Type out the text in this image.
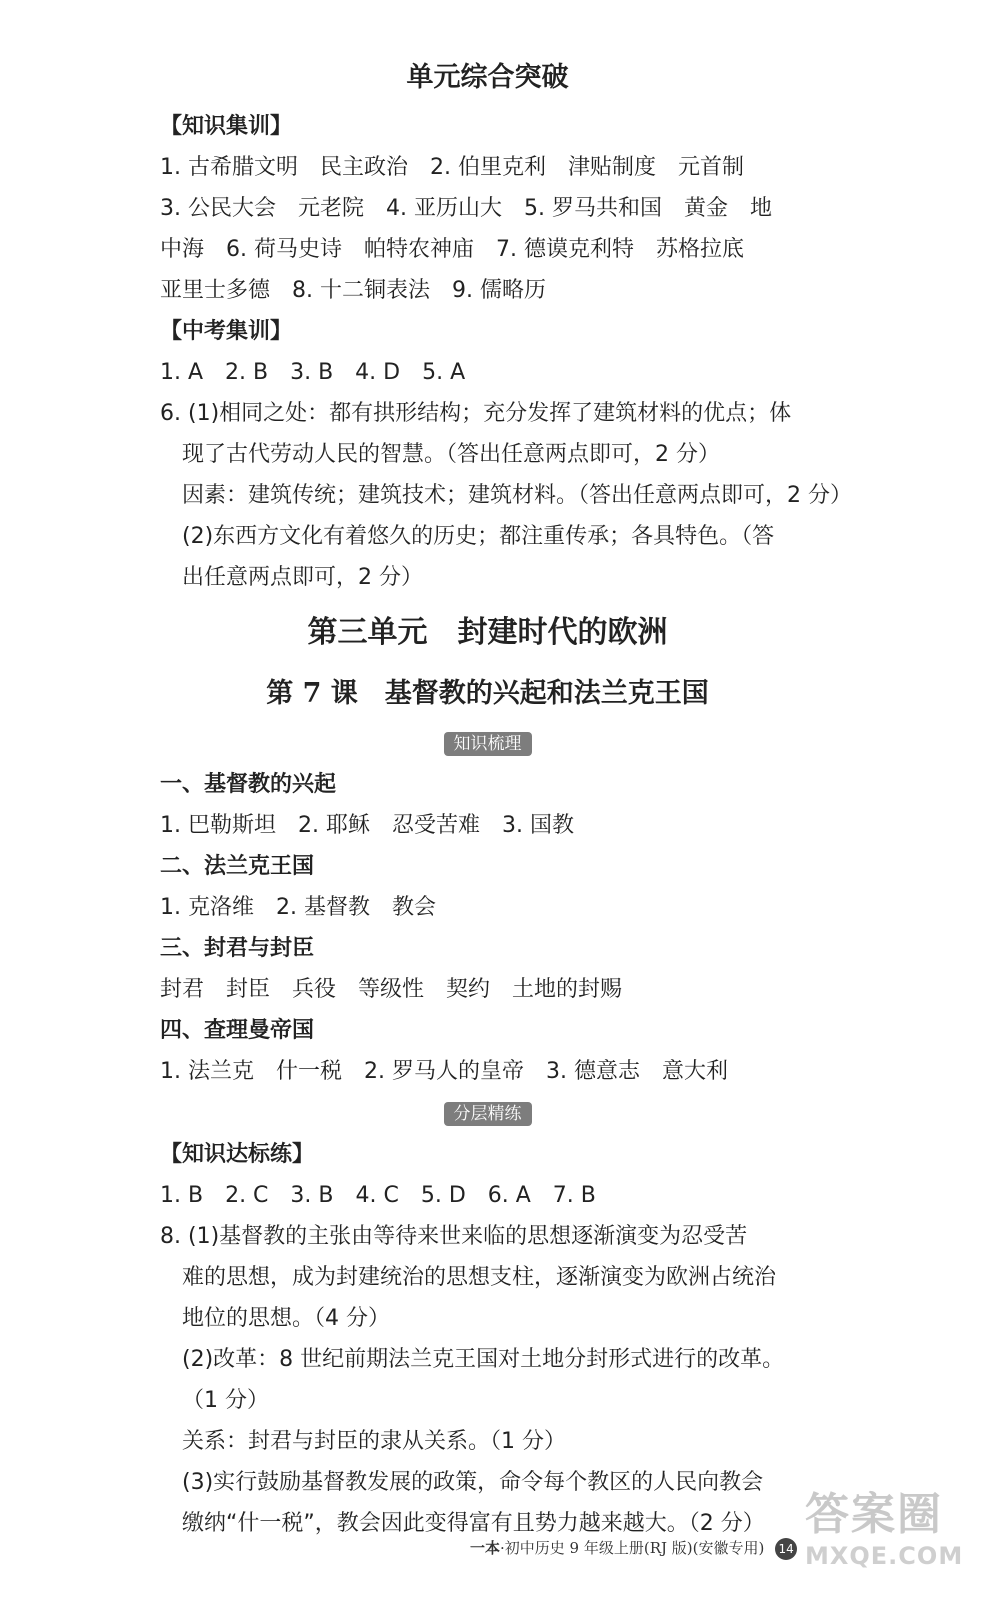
单元综合突破
【知识集训】
1. 古希腊文明　民主政治　2. 伯里克利　津贴制度　元首制
3. 公民大会　元老院　4. 亚历山大　5. 罗马共和国　黄金　地
中海　6. 荷马史诗　帕特农神庙　7. 德谟克利特　苏格拉底
亚里士多德　8. 十二铜表法　9. 儒略历
【中考集训】
1. A　2. B　3. B　4. D　5. A
6. (1)相同之处：都有拱形结构；充分发挥了建筑材料的优点；体
现了古代劳动人民的智慧。（答出任意两点即可，2 分）
因素：建筑传统；建筑技术；建筑材料。（答出任意两点即可，2 分）
(2)东西方文化有着悠久的历史；都注重传承；各具特色。（答
出任意两点即可，2 分）
第三单元　封建时代的欧洲
第 7 课　基督教的兴起和法兰克王国
知识梳理
一、基督教的兴起
1. 巴勒斯坦　2. 耶稣　忍受苦难　3. 国教
二、法兰克王国
1. 克洛维　2. 基督教　教会
三、封君与封臣
封君　封臣　兵役　等级性　契约　土地的封赐
四、查理曼帝国
1. 法兰克　什一税　2. 罗马人的皇帝　3. 德意志　意大利
分层精练
【知识达标练】
1. B　2. C　3. B　4. C　5. D　6. A　7. B
8. (1)基督教的主张由等待来世来临的思想逐渐演变为忍受苦
难的思想，成为封建统治的思想支柱，逐渐演变为欧洲占统治
地位的思想。（4 分）
(2)改革：8 世纪前期法兰克王国对土地分封形式进行的改革。
（1 分）
关系：封君与封臣的隶从关系。（1 分）
(3)实行鼓励基督教发展的政策，命令每个教区的人民向教会
缴纳“什一税”，教会因此变得富有且势力越来越大。（2 分）
一本·初中历史 9 年级上册(RJ 版)(安徽专用) 14
答案圈
MXQE.COM
